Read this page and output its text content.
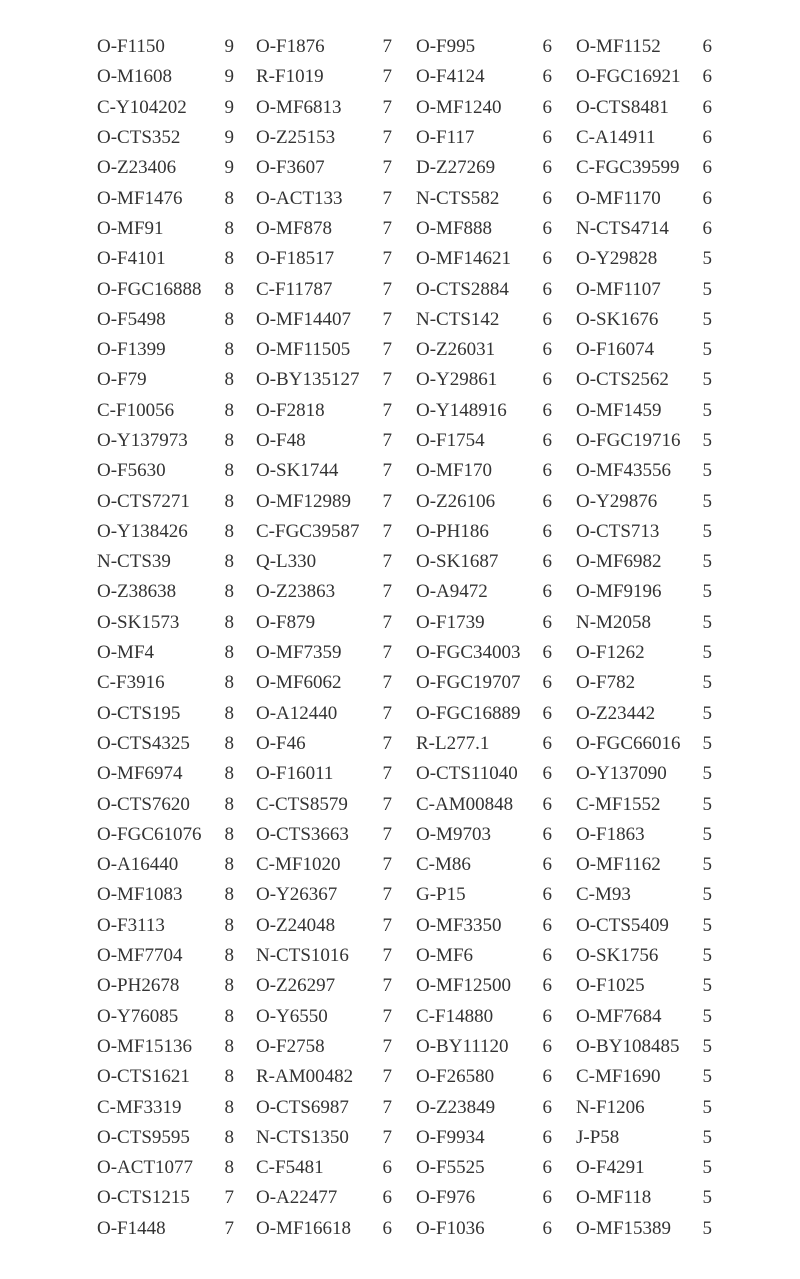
O-F1150	9 O-F1876	7 O-F995	6 O-MF1152	6
O-M1608	9 R-F1019	7 O-F4124	6 O-FGC16921	6
C-Y104202	9 O-MF6813	7 O-MF1240	6 O-CTS8481	6
O-CTS352	9 O-Z25153	7 O-F117	6 C-A14911	6
O-Z23406	9 O-F3607	7 D-Z27269	6 C-FGC39599	6
O-MF1476	8 O-ACT133	7 N-CTS582	6 O-MF1170	6
O-MF91	8 O-MF878	7 O-MF888	6 N-CTS4714	6
O-F4101	8 O-F18517	7 O-MF14621	6 O-Y29828	5
O-FGC16888	8 C-F11787	7 O-CTS2884	6 O-MF1107	5
O-F5498	8 O-MF14407	7 N-CTS142	6 O-SK1676	5
O-F1399	8 O-MF11505	7 O-Z26031	6 O-F16074	5
O-F79	8 O-BY135127	7 O-Y29861	6 O-CTS2562	5
C-F10056	8 O-F2818	7 O-Y148916	6 O-MF1459	5
O-Y137973	8 O-F48	7 O-F1754	6 O-FGC19716	5
O-F5630	8 O-SK1744	7 O-MF170	6 O-MF43556	5
O-CTS7271	8 O-MF12989	7 O-Z26106	6 O-Y29876	5
O-Y138426	8 C-FGC39587	7 O-PH186	6 O-CTS713	5
N-CTS39	8 Q-L330	7 O-SK1687	6 O-MF6982	5
O-Z38638	8 O-Z23863	7 O-A9472	6 O-MF9196	5
O-SK1573	8 O-F879	7 O-F1739	6 N-M2058	5
O-MF4	8 O-MF7359	7 O-FGC34003	6 O-F1262	5
C-F3916	8 O-MF6062	7 O-FGC19707	6 O-F782	5
O-CTS195	8 O-A12440	7 O-FGC16889	6 O-Z23442	5
O-CTS4325	8 O-F46	7 R-L277.1	6 O-FGC66016	5
O-MF6974	8 O-F16011	7 O-CTS11040	6 O-Y137090	5
O-CTS7620	8 C-CTS8579	7 C-AM00848	6 C-MF1552	5
O-FGC61076	8 O-CTS3663	7 O-M9703	6 O-F1863	5
O-A16440	8 C-MF1020	7 C-M86	6 O-MF1162	5
O-MF1083	8 O-Y26367	7 G-P15	6 C-M93	5
O-F3113	8 O-Z24048	7 O-MF3350	6 O-CTS5409	5
O-MF7704	8 N-CTS1016	7 O-MF6	6 O-SK1756	5
O-PH2678	8 O-Z26297	7 O-MF12500	6 O-F1025	5
O-Y76085	8 O-Y6550	7 C-F14880	6 O-MF7684	5
O-MF15136	8 O-F2758	7 O-BY11120	6 O-BY108485	5
O-CTS1621	8 R-AM00482	7 O-F26580	6 C-MF1690	5
C-MF3319	8 O-CTS6987	7 O-Z23849	6 N-F1206	5
O-CTS9595	8 N-CTS1350	7 O-F9934	6 J-P58	5
O-ACT1077	8 C-F5481	6 O-F5525	6 O-F4291	5
O-CTS1215	7 O-A22477	6 O-F976	6 O-MF118	5
O-F1448	7 O-MF16618	6 O-F1036	6 O-MF15389	5
